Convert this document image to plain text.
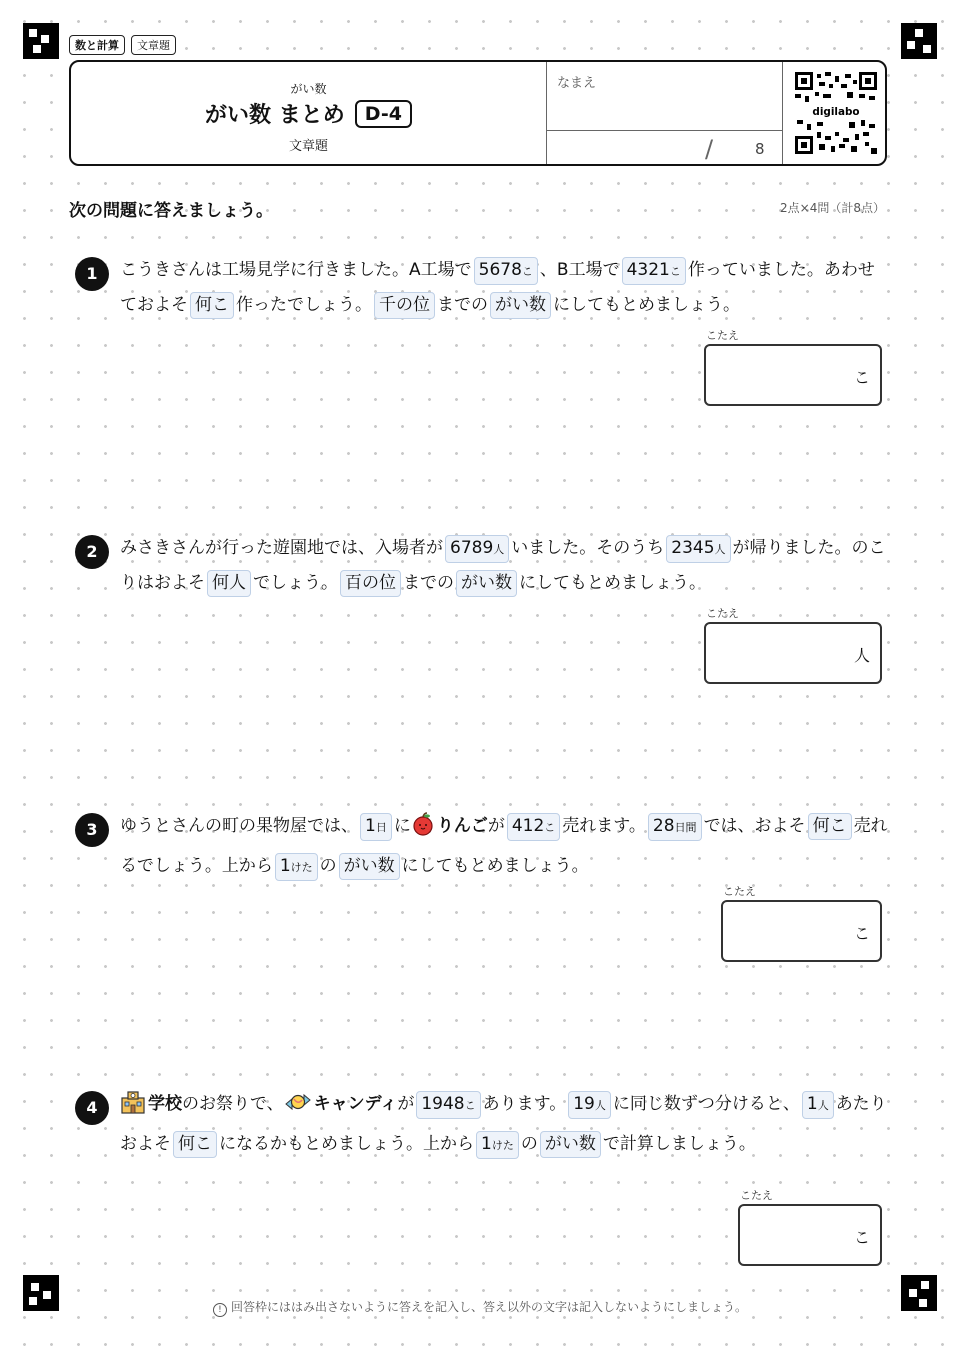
数と計算	文章題
がい数
がい数 まとめ	D-4
文章題
なまえ
/	8
digilabo
次の問題に答えましょう。	2点×4問（計8点）
1	こうきさんは工場見学に行きました。A工場で 5678こ 、B工場で 4321こ 作っていました。あわせておよそ 何こ 作ったでしょう。 千の位 までの がい数 にしてもとめましょう。
こたえ
こ
2	みさきさんが行った遊園地では、入場者が 6789人 いました。そのうち 2345人 が帰りました。のこりはおよそ 何人 でしょう。 百の位 までの がい数 にしてもとめましょう。
こたえ
人
3	ゆうとさんの町の果物屋では、 1日 に りんごが 412こ 売れます。 28日間 では、およそ 何こ 売れるでしょう。上から 1けた の がい数 にしてもとめましょう。
こたえ
こ
4	学校のお祭りで、 キャンディが 1948こ あります。 19人 に同じ数ずつ分けると、 1人 あたりおよそ 何こ になるかもとめましょう。上から 1けた の がい数 で計算しましょう。
こたえ
こ
! 回答枠にははみ出さないように答えを記入し、答え以外の文字は記入しないようにしましょう。
